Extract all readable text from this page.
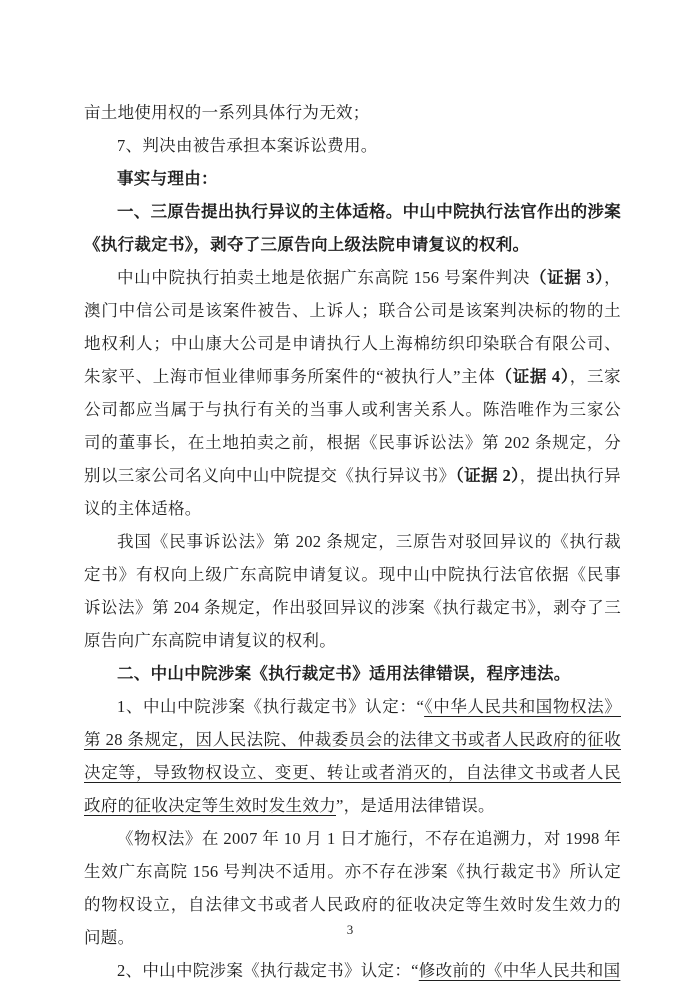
亩土地使用权的一系列具体行为无效；

7、判决由被告承担本案诉讼费用。

事实与理由：

一、三原告提出执行异议的主体适格。中山中院执行法官作出的涉案《执行裁定书》，剥夺了三原告向上级法院申请复议的权利。

中山中院执行拍卖土地是依据广东高院 156 号案件判决（证据 3），澳门中信公司是该案件被告、上诉人；联合公司是该案判决标的物的土地权利人；中山康大公司是申请执行人上海棉纺织印染联合有限公司、朱家平、上海市恒业律师事务所案件的“被执行人”主体（证据 4），三家公司都应当属于与执行有关的当事人或利害关系人。陈浩唯作为三家公司的董事长，在土地拍卖之前，根据《民事诉讼法》第 202 条规定，分别以三家公司名义向中山中院提交《执行异议书》（证据 2），提出执行异议的主体适格。

我国《民事诉讼法》第 202 条规定，三原告对驳回异议的《执行裁定书》有权向上级广东高院申请复议。现中山中院执行法官依据《民事诉讼法》第 204 条规定，作出驳回异议的涉案《执行裁定书》，剥夺了三原告向广东高院申请复议的权利。

二、中山中院涉案《执行裁定书》适用法律错误，程序违法。

1、中山中院涉案《执行裁定书》认定：“《中华人民共和国物权法》第 28 条规定，因人民法院、仲裁委员会的法律文书或者人民政府的征收决定等，导致物权设立、变更、转让或者消灭的，自法律文书或者人民政府的征收决定等生效时发生效力”，是适用法律错误。

《物权法》在 2007 年 10 月 1 日才施行，不存在追溯力，对 1998 年生效广东高院 156 号判决不适用。亦不存在涉案《执行裁定书》所认定的物权设立，自法律文书或者人民政府的征收决定等生效时发生效力的问题。

2、中山中院涉案《执行裁定书》认定：“修改前的《中华人民共和国

3
